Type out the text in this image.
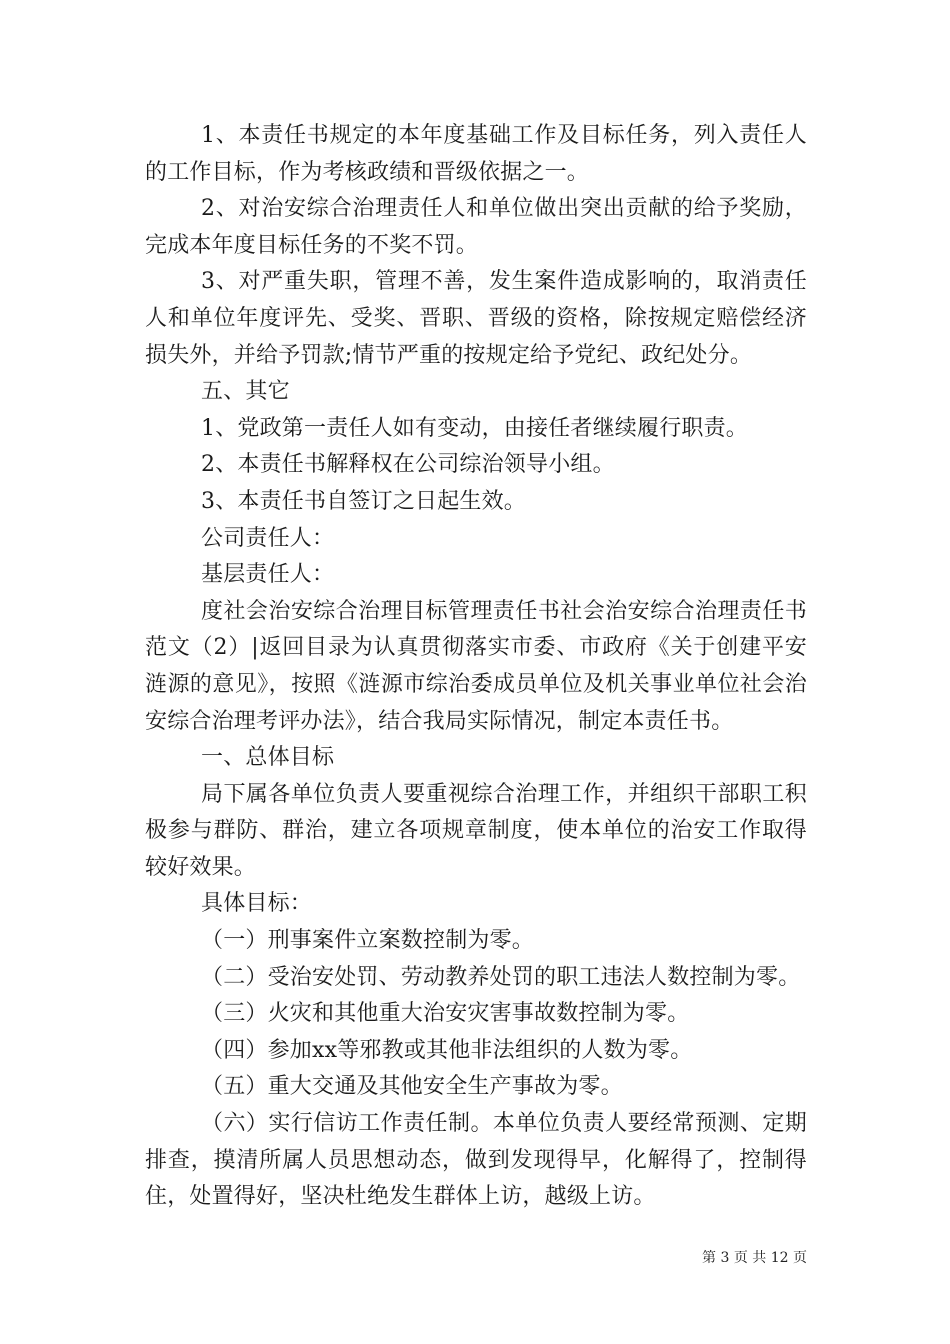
1、本责任书规定的本年度基础工作及目标任务，列入责任人的工作目标，作为考核政绩和晋级依据之一。

2、对治安综合治理责任人和单位做出突出贡献的给予奖励，完成本年度目标任务的不奖不罚。

3、对严重失职，管理不善，发生案件造成影响的，取消责任人和单位年度评先、受奖、晋职、晋级的资格，除按规定赔偿经济损失外，并给予罚款;情节严重的按规定给予党纪、政纪处分。

五、其它

1、党政第一责任人如有变动，由接任者继续履行职责。

2、本责任书解释权在公司综治领导小组。

3、本责任书自签订之日起生效。

公司责任人：

基层责任人：

度社会治安综合治理目标管理责任书社会治安综合治理责任书范文（2）|返回目录为认真贯彻落实市委、市政府《关于创建平安涟源的意见》，按照《涟源市综治委成员单位及机关事业单位社会治安综合治理考评办法》，结合我局实际情况，制定本责任书。

一、总体目标

局下属各单位负责人要重视综合治理工作，并组织干部职工积极参与群防、群治，建立各项规章制度，使本单位的治安工作取得较好效果。

具体目标：

（一）刑事案件立案数控制为零。

（二）受治安处罚、劳动教养处罚的职工违法人数控制为零。

（三）火灾和其他重大治安灾害事故数控制为零。

（四）参加xx等邪教或其他非法组织的人数为零。

（五）重大交通及其他安全生产事故为零。

（六）实行信访工作责任制。本单位负责人要经常预测、定期排查，摸清所属人员思想动态，做到发现得早，化解得了，控制得住，处置得好，坚决杜绝发生群体上访，越级上访。

第 3 页 共 12 页
